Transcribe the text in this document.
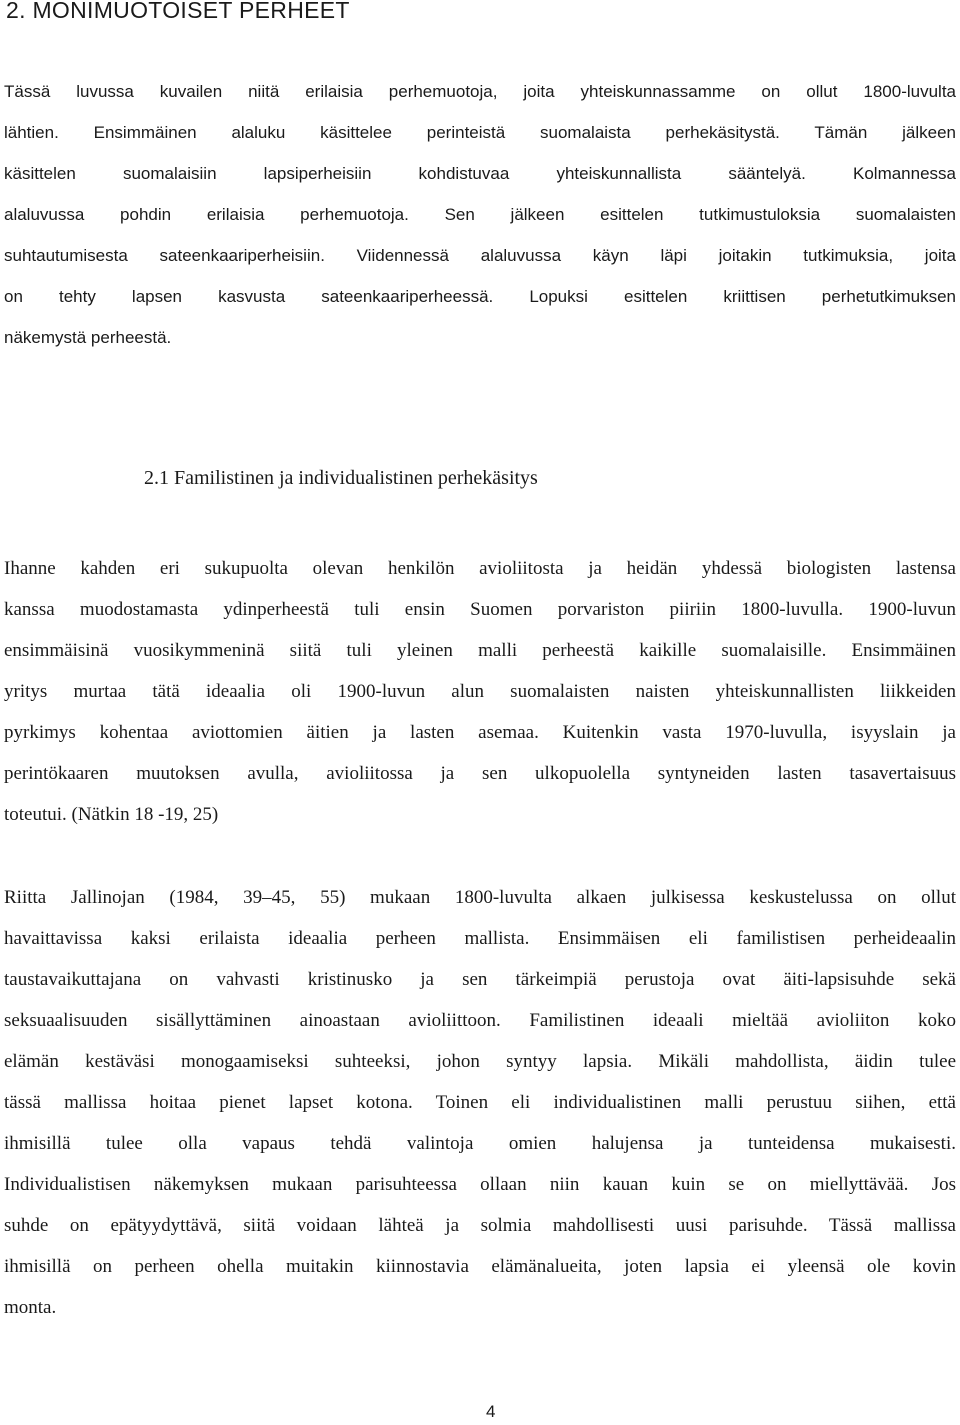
2. MONIMUOTOISET PERHEET
Tässä luvussa kuvailen niitä erilaisia perhemuotoja, joita yhteiskunnassamme on ollut 1800-luvulta
lähtien. Ensimmäinen alaluku käsittelee perinteistä suomalaista perhekäsitystä. Tämän jälkeen
käsittelen suomalaisiin lapsiperheisiin kohdistuvaa yhteiskunnallista sääntelyä. Kolmannessa
alaluvussa pohdin erilaisia perhemuotoja. Sen jälkeen esittelen tutkimustuloksia suomalaisten
suhtautumisesta sateenkaariperheisiin. Viidennessä alaluvussa käyn läpi joitakin tutkimuksia, joita
on tehty lapsen kasvusta sateenkaariperheessä. Lopuksi esittelen kriittisen perhetutkimuksen
näkemystä perheestä.
2.1 Familistinen ja individualistinen perhekäsitys
Ihanne kahden eri sukupuolta olevan henkilön avioliitosta ja heidän yhdessä biologisten lastensa
kanssa muodostamasta ydinperheestä tuli ensin Suomen porvariston piiriin 1800-luvulla. 1900-luvun
ensimmäisinä vuosikymmeninä siitä tuli yleinen malli perheestä kaikille suomalaisille. Ensimmäinen
yritys murtaa tätä ideaalia oli 1900-luvun alun suomalaisten naisten yhteiskunnallisten liikkeiden
pyrkimys kohentaa aviottomien äitien ja lasten asemaa. Kuitenkin vasta 1970-luvulla, isyyslain ja
perintökaaren muutoksen avulla, avioliitossa ja sen ulkopuolella syntyneiden lasten tasavertaisuus
toteutui. (Nätkin 18 -19, 25)
Riitta Jallinojan (1984, 39–45, 55) mukaan 1800-luvulta alkaen julkisessa keskustelussa on ollut
havaittavissa kaksi erilaista ideaalia perheen mallista. Ensimmäisen eli familistisen perheideaalin
taustavaikuttajana on vahvasti kristinusko ja sen tärkeimpiä perustoja ovat äiti-lapsisuhde sekä
seksuaalisuuden sisällyttäminen ainoastaan avioliittoon. Familistinen ideaali mieltää avioliiton koko
elämän kestäväsi monogaamiseksi suhteeksi, johon syntyy lapsia. Mikäli mahdollista, äidin tulee
tässä mallissa hoitaa pienet lapset kotona. Toinen eli individualistinen malli perustuu siihen, että
ihmisillä tulee olla vapaus tehdä valintoja omien halujensa ja tunteidensa mukaisesti.
Individualistisen näkemyksen mukaan parisuhteessa ollaan niin kauan kuin se on miellyttävää. Jos
suhde on epätyydyttävä, siitä voidaan lähteä ja solmia mahdollisesti uusi parisuhde. Tässä mallissa
ihmisillä on perheen ohella muitakin kiinnostavia elämänalueita, joten lapsia ei yleensä ole kovin
monta.
4
